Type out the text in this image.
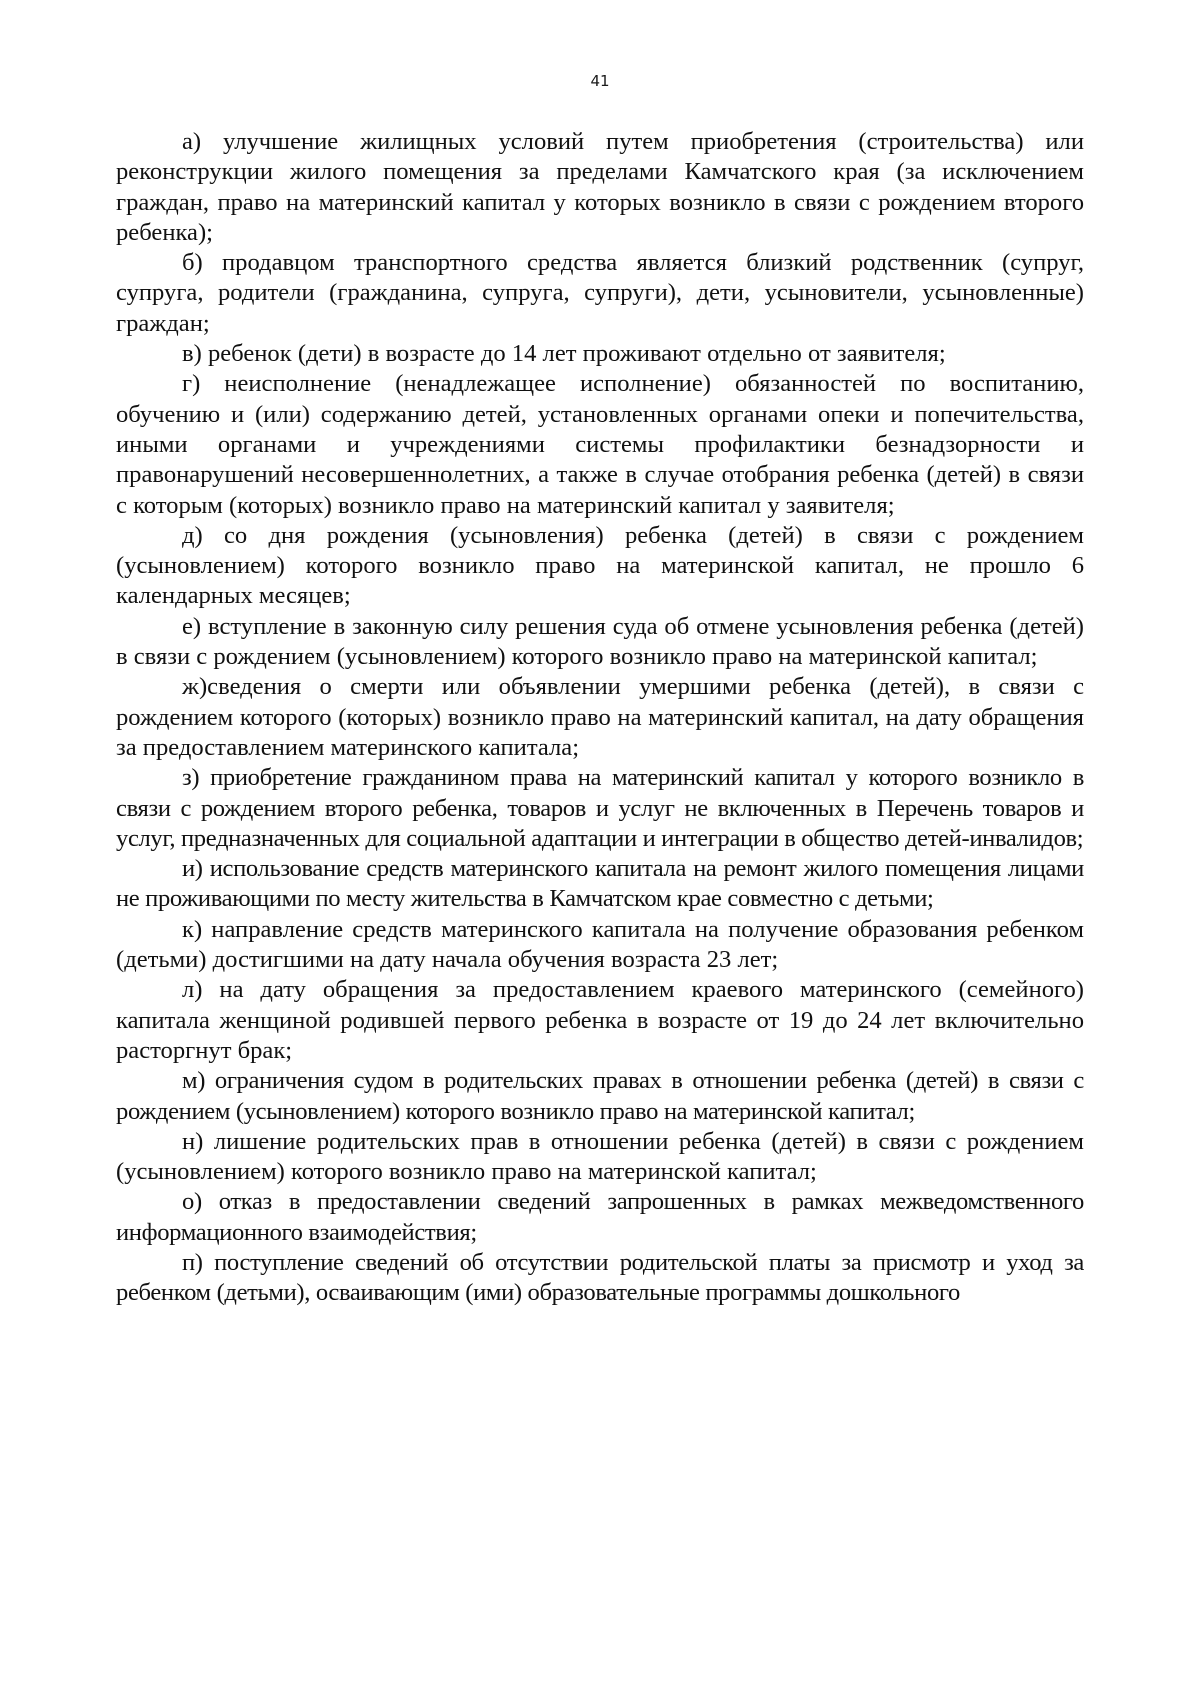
41

а) улучшение жилищных условий путем приобретения (строительства) или реконструкции жилого помещения за пределами Камчатского края (за исключением граждан, право на материнский капитал у которых возникло в связи с рождением второго ребенка);

б) продавцом транспортного средства является близкий родственник (супруг, супруга, родители (гражданина, супруга, супруги), дети, усыновители, усыновленные) граждан;

в) ребенок (дети) в возрасте до 14 лет проживают отдельно от заявителя;

г) неисполнение (ненадлежащее исполнение) обязанностей по воспитанию, обучению и (или) содержанию детей, установленных органами опеки и попечительства, иными органами и учреждениями системы профилактики безнадзорности и правонарушений несовершеннолетних, а также в случае отобрания ребенка (детей) в связи с которым (которых) возникло право на материнский капитал у заявителя;

д) со дня рождения (усыновления) ребенка (детей) в связи с рождением (усыновлением) которого возникло право на материнской капитал, не прошло 6 календарных месяцев;

е) вступление в законную силу решения суда об отмене усыновления ребенка (детей) в связи с рождением (усыновлением) которого возникло право на материнской капитал;

ж)сведения о смерти или объявлении умершими ребенка (детей), в связи с рождением которого (которых) возникло право на материнский капитал, на дату обращения за предоставлением материнского капитала;

з) приобретение гражданином права на материнский капитал у которого возникло в связи с рождением второго ребенка, товаров и услуг не включенных в Перечень товаров и услуг, предназначенных для социальной адаптации и интеграции в общество детей-инвалидов;

и) использование средств материнского капитала на ремонт жилого помещения лицами не проживающими по месту жительства в Камчатском крае совместно с детьми;

к) направление средств материнского капитала на получение образования ребенком (детьми) достигшими на дату начала обучения возраста 23 лет;

л) на дату обращения за предоставлением краевого материнского (семейного) капитала женщиной родившей первого ребенка в возрасте от 19 до 24 лет включительно расторгнут брак;

м) ограничения судом в родительских правах в отношении ребенка (детей) в связи с рождением (усыновлением) которого возникло право на материнской капитал;

н) лишение родительских прав в отношении ребенка (детей) в связи с рождением (усыновлением) которого возникло право на материнской капитал;

о) отказ в предоставлении сведений запрошенных в рамках межведомственного информационного взаимодействия;

п) поступление сведений об отсутствии родительской платы за присмотр и уход за ребенком (детьми), осваивающим (ими) образовательные программы дошкольного
